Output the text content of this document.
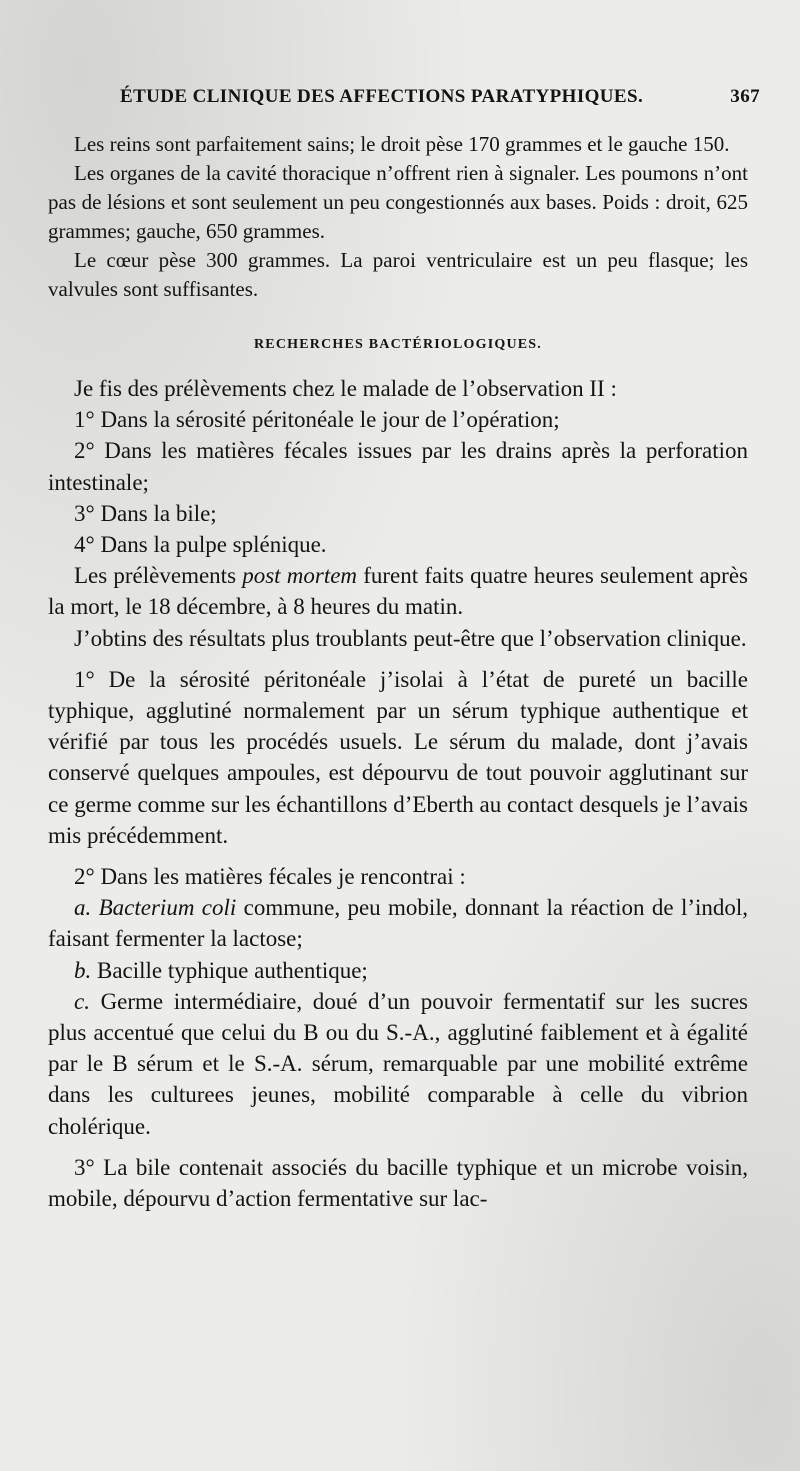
ÉTUDE CLINIQUE DES AFFECTIONS PARATYPHIQUES.	367

Les reins sont parfaitement sains; le droit pèse 170 grammes et le gauche 150.

Les organes de la cavité thoracique n’offrent rien à signaler. Les poumons n’ont pas de lésions et sont seulement un peu congestionnés aux bases. Poids : droit, 625 grammes; gauche, 650 grammes.

Le cœur pèse 300 grammes. La paroi ventriculaire est un peu flasque; les valvules sont suffisantes.

RECHERCHES BACTÉRIOLOGIQUES.

Je fis des prélèvements chez le malade de l’observation II :

1° Dans la sérosité péritonéale le jour de l’opération;

2° Dans les matières fécales issues par les drains après la perforation intestinale;

3° Dans la bile;

4° Dans la pulpe splénique.

Les prélèvements post mortem furent faits quatre heures seulement après la mort, le 18 décembre, à 8 heures du matin.

J’obtins des résultats plus troublants peut-être que l’observation clinique.

1° De la sérosité péritonéale j’isolai à l’état de pureté un bacille typhique, agglutiné normalement par un sérum typhique authentique et vérifié par tous les procédés usuels. Le sérum du malade, dont j’avais conservé quelques ampoules, est dépourvu de tout pouvoir agglutinant sur ce germe comme sur les échantillons d’Eberth au contact desquels je l’avais mis précédemment.

2° Dans les matières fécales je rencontrai :

a. Bacterium coli commune, peu mobile, donnant la réaction de l’indol, faisant fermenter la lactose;

b. Bacille typhique authentique;

c. Germe intermédiaire, doué d’un pouvoir fermentatif sur les sucres plus accentué que celui du B ou du S.-A., agglutiné faiblement et à égalité par le B sérum et le S.-A. sérum, remarquable par une mobilité extrême dans les culturees jeunes, mobilité comparable à celle du vibrion cholérique.

3° La bile contenait associés du bacille typhique et un microbe voisin, mobile, dépourvu d’action fermentative sur lac-
